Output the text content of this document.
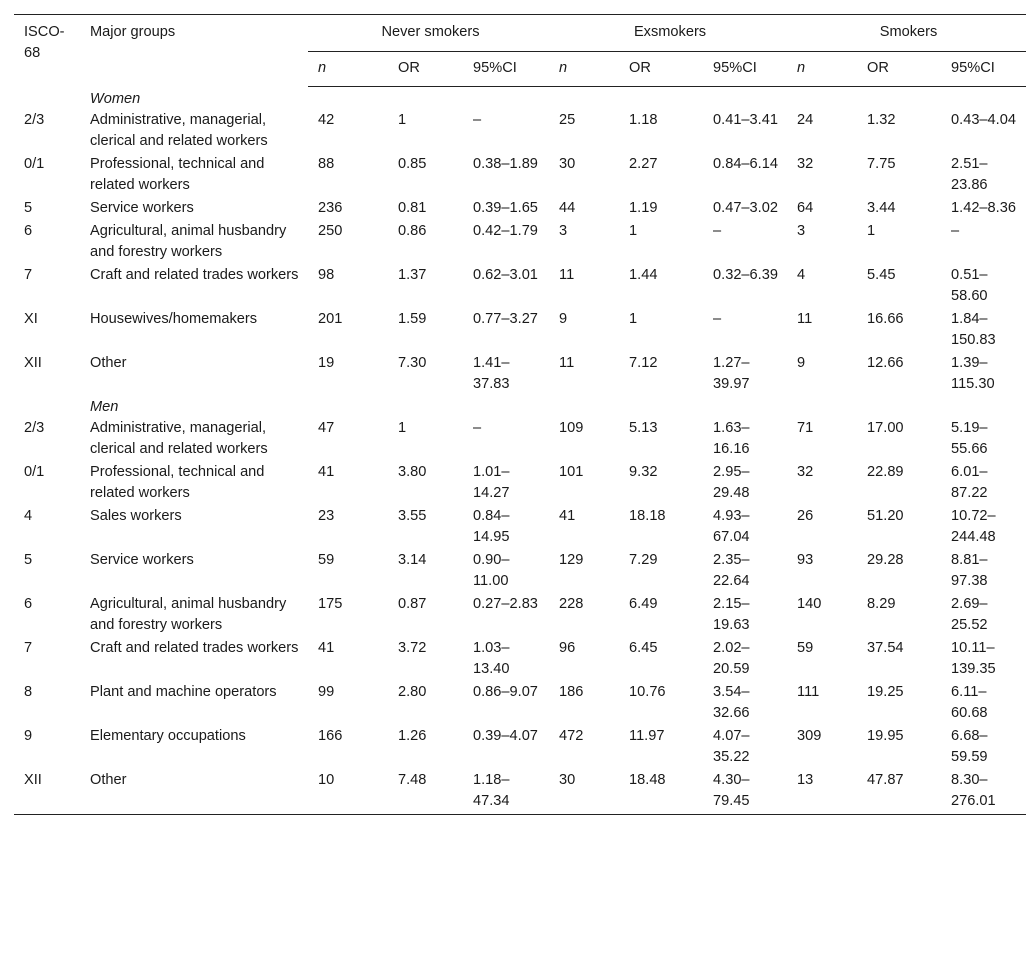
ISCO-68	Major groups	Never smokers			Exsmokers			Smokers		
		n	OR	95%CI	n	OR	95%CI	n	OR	95%CI
	Women									
2/3	Administrative, managerial, clerical and related workers	42	1	–	25	1.18	0.41–3.41	24	1.32	0.43–4.04
0/1	Professional, technical and related workers	88	0.85	0.38–1.89	30	2.27	0.84–6.14	32	7.75	2.51–23.86
5	Service workers	236	0.81	0.39–1.65	44	1.19	0.47–3.02	64	3.44	1.42–8.36
6	Agricultural, animal husbandry and forestry workers	250	0.86	0.42–1.79	3	1	–	3	1	–
7	Craft and related trades workers	98	1.37	0.62–3.01	11	1.44	0.32–6.39	4	5.45	0.51–58.60
XI	Housewives/homemakers	201	1.59	0.77–3.27	9	1	–	11	16.66	1.84–150.83
XII	Other	19	7.30	1.41–37.83	11	7.12	1.27–39.97	9	12.66	1.39–115.30
	Men									
2/3	Administrative, managerial, clerical and related workers	47	1	–	109	5.13	1.63–16.16	71	17.00	5.19–55.66
0/1	Professional, technical and related workers	41	3.80	1.01–14.27	101	9.32	2.95–29.48	32	22.89	6.01–87.22
4	Sales workers	23	3.55	0.84–14.95	41	18.18	4.93–67.04	26	51.20	10.72–244.48
5	Service workers	59	3.14	0.90–11.00	129	7.29	2.35–22.64	93	29.28	8.81–97.38
6	Agricultural, animal husbandry and forestry workers	175	0.87	0.27–2.83	228	6.49	2.15–19.63	140	8.29	2.69–25.52
7	Craft and related trades workers	41	3.72	1.03–13.40	96	6.45	2.02–20.59	59	37.54	10.11–139.35
8	Plant and machine operators	99	2.80	0.86–9.07	186	10.76	3.54–32.66	111	19.25	6.11–60.68
9	Elementary occupations	166	1.26	0.39–4.07	472	11.97	4.07–35.22	309	19.95	6.68–59.59
XII	Other	10	7.48	1.18–47.34	30	18.48	4.30–79.45	13	47.87	8.30–276.01
